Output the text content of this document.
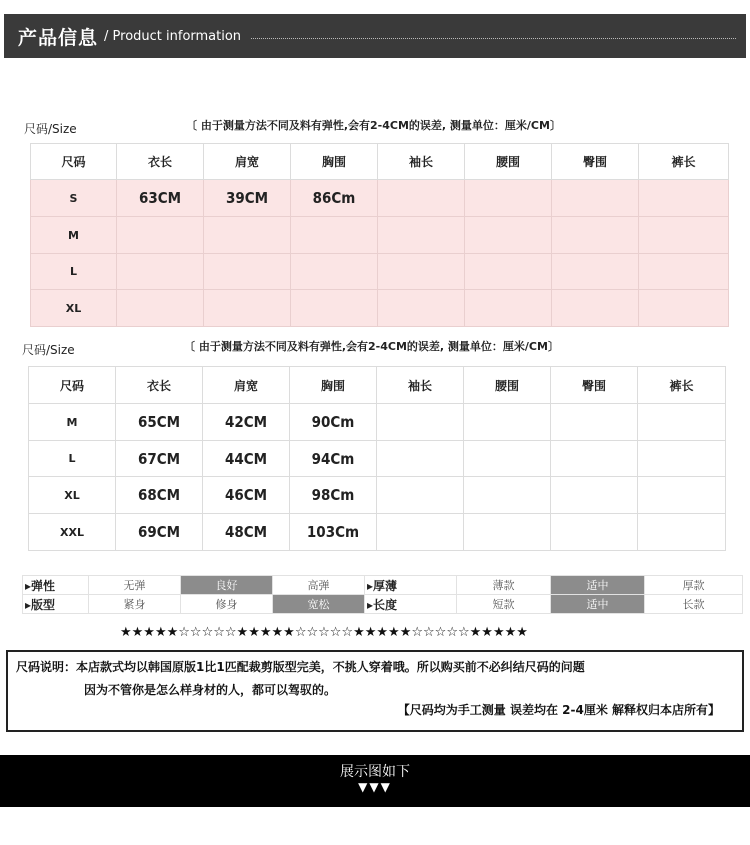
产品信息 / Product information
尺码/Size	〔 由于测量方法不同及料有弹性,会有2-4CM的误差, 测量单位：厘米/CM〕
尺码	衣长	肩宽	胸围	袖长	腰围	臀围	裤长
S	63CM	39CM	86Cm				
M							
L							
XL							
尺码/Size	〔 由于测量方法不同及料有弹性,会有2-4CM的误差, 测量单位：厘米/CM〕
尺码	衣长	肩宽	胸围	袖长	腰围	臀围	裤长
M	65CM	42CM	90Cm				
L	67CM	44CM	94Cm				
XL	68CM	46CM	98Cm				
XXL	69CM	48CM	103Cm				
▸弹性	无弹	良好	高弹	▸厚薄	薄款	适中	厚款
▸版型	紧身	修身	宽松	▸长度	短款	适中	长款
★★★★★☆☆☆☆☆★★★★★☆☆☆☆☆★★★★★☆☆☆☆☆★★★★★
尺码说明：本店款式均以韩国原版1比1匹配裁剪版型完美，不挑人穿着哦。所以购买前不必纠结尺码的问题
因为不管你是怎么样身材的人，都可以驾驭的。
【尺码均为手工测量 误差均在 2-4厘米 解释权归本店所有】
展示图如下
▼▼▼
